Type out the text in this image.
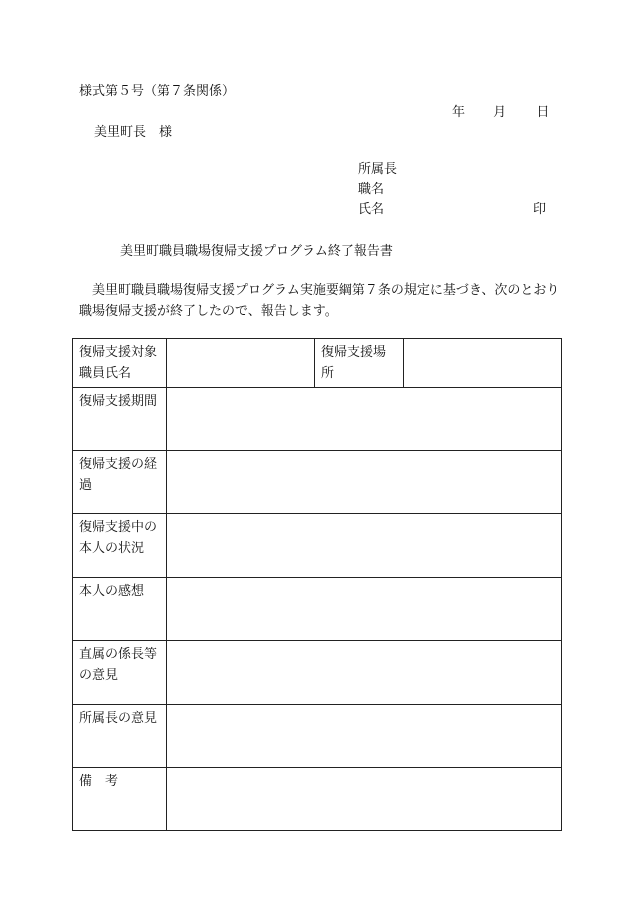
様式第５号（第７条関係）
年 月 日
美里町長　様
所属長
職名
氏名	印
美里町職員職場復帰支援プログラム終了報告書
美里町職員職場復帰支援プログラム実施要綱第７条の規定に基づき、次のとおり職場復帰支援が終了したので、報告します。
復帰支援対象職員氏名		復帰支援場所	
復帰支援期間			
復帰支援の経過			
復帰支援中の本人の状況			
本人の感想			
直属の係長等の意見			
所属長の意見			
備　考			
